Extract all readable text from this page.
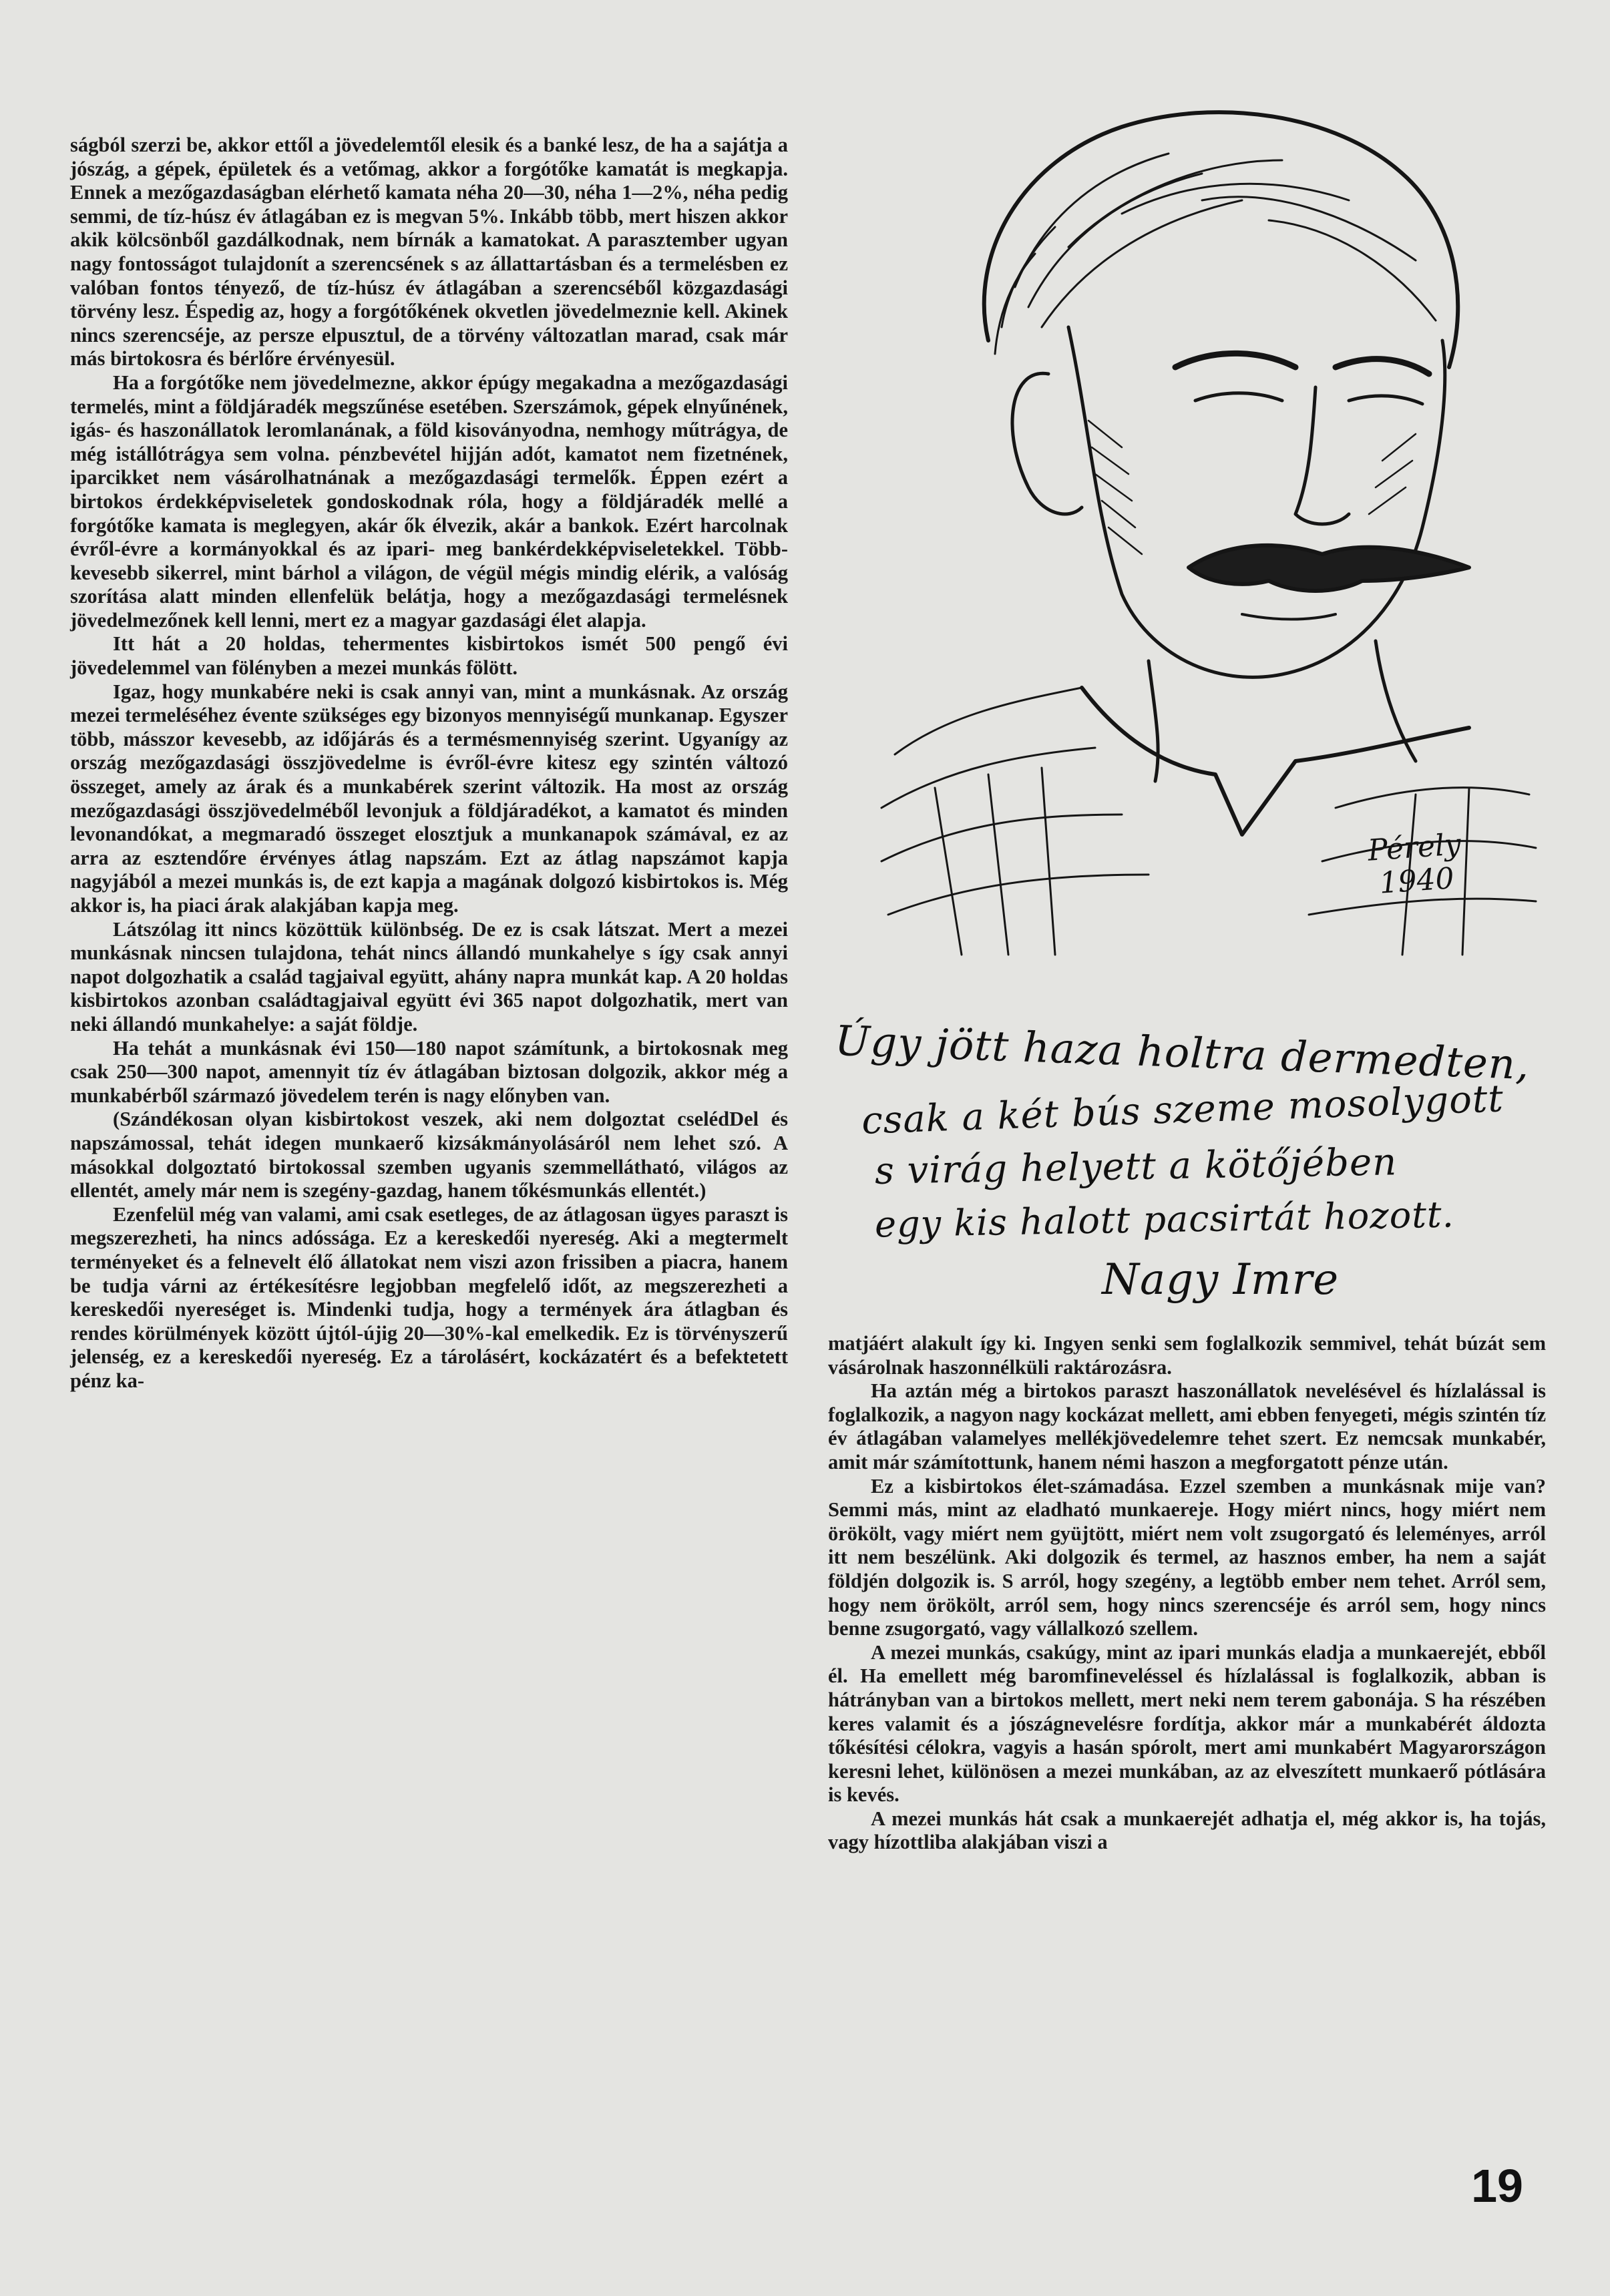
ságból szerzi be, akkor ettől a jövedelemtől elesik és a banké lesz, de ha a sajátja a jószág, a gépek, épületek és a vetőmag, akkor a forgótőke kamatát is megkapja. Ennek a mezőgazdaságban elérhető kamata néha 20—30, néha 1—2%, néha pedig semmi, de tíz-húsz év átlagában ez is megvan 5%. Inkább több, mert hiszen akkor akik kölcsönből gazdálkodnak, nem bírnák a kamatokat. A parasztember ugyan nagy fontosságot tulajdonít a szerencsének s az állattartásban és a termelésben ez valóban fontos tényező, de tíz-húsz év átlagában a szerencséből közgazdasági törvény lesz. Éspedig az, hogy a forgótőkének okvetlen jövedelmeznie kell. Akinek nincs szerencséje, az persze elpusztul, de a törvény változatlan marad, csak már más birtokosra és bérlőre érvényesül.

Ha a forgótőke nem jövedelmezne, akkor épúgy megakadna a mezőgazdasági termelés, mint a földjáradék megszűnése esetében. Szerszámok, gépek elnyűnének, igás- és haszonállatok leromlanának, a föld kisoványodna, nemhogy műtrágya, de még istállótrágya sem volna. pénzbevétel hijján adót, kamatot nem fizetnének, iparcikket nem vásárolhatnának a mezőgazdasági termelők. Éppen ezért a birtokos érdekképviseletek gondoskodnak róla, hogy a földjáradék mellé a forgótőke kamata is meglegyen, akár ők élvezik, akár a bankok. Ezért harcolnak évről-évre a kormányokkal és az ipari- meg bankérdekképviseletekkel. Több-kevesebb sikerrel, mint bárhol a világon, de végül mégis mindig elérik, a valóság szorítása alatt minden ellenfelük belátja, hogy a mezőgazdasági termelésnek jövedelmezőnek kell lenni, mert ez a magyar gazdasági élet alapja.

Itt hát a 20 holdas, tehermentes kisbirtokos ismét 500 pengő évi jövedelemmel van fölényben a mezei munkás fölött.

Igaz, hogy munkabére neki is csak annyi van, mint a munkásnak. Az ország mezei termeléséhez évente szükséges egy bizonyos mennyiségű munkanap. Egyszer több, másszor kevesebb, az időjárás és a termésmennyiség szerint. Ugyanígy az ország mezőgazdasági összjövedelme is évről-évre kitesz egy szintén változó összeget, amely az árak és a munkabérek szerint változik. Ha most az ország mezőgazdasági összjövedelméből levonjuk a földjáradékot, a kamatot és minden levonandókat, a megmaradó összeget elosztjuk a munkanapok számával, ez az arra az esztendőre érvényes átlag napszám. Ezt az átlag napszámot kapja nagyjából a mezei munkás is, de ezt kapja a magának dolgozó kisbirtokos is. Még akkor is, ha piaci árak alakjában kapja meg.

Látszólag itt nincs közöttük különbség. De ez is csak látszat. Mert a mezei munkásnak nincsen tulajdona, tehát nincs állandó munkahelye s így csak annyi napot dolgozhatik a család tagjaival együtt, ahány napra munkát kap. A 20 holdas kisbirtokos azonban családtagjaival együtt évi 365 napot dolgozhatik, mert van neki állandó munkahelye: a saját földje.

Ha tehát a munkásnak évi 150—180 napot számítunk, a birtokosnak meg csak 250—300 napot, amennyit tíz év átlagában biztosan dolgozik, akkor még a munkabérből származó jövedelem terén is nagy előnyben van.

(Szándékosan olyan kisbirtokost veszek, aki nem dolgoztat cselédDel és napszámossal, tehát idegen munkaerő kizsákmányolásáról nem lehet szó. A másokkal dolgoztató birtokossal szemben ugyanis szemmellátható, világos az ellentét, amely már nem is szegény-gazdag, hanem tőkésmunkás ellentét.)

Ezenfelül még van valami, ami csak esetleges, de az átlagosan ügyes paraszt is megszerezheti, ha nincs adóssága. Ez a kereskedői nyereség. Aki a megtermelt terményeket és a felnevelt élő állatokat nem viszi azon frissiben a piacra, hanem be tudja várni az értékesítésre legjobban megfelelő időt, az megszerezheti a kereskedői nyereséget is. Mindenki tudja, hogy a termények ára átlagban és rendes körülmények között újtól-újig 20—30%-kal emelkedik. Ez is törvényszerű jelenség, ez a kereskedői nyereség. Ez a tárolásért, kockázatért és a befektetett pénz ka-

Pérely
1940
Úgy jött haza holtra dermedten,
csak a két bús szeme mosolygott
s virág helyett a kötőjében
egy kis halott pacsirtát hozott.
Nagy Imre

matjáért alakult így ki. Ingyen senki sem foglalkozik semmivel, tehát búzát sem vásárolnak haszonnélküli raktározásra.

Ha aztán még a birtokos paraszt haszonállatok nevelésével és hízlalással is foglalkozik, a nagyon nagy kockázat mellett, ami ebben fenyegeti, mégis szintén tíz év átlagában valamelyes mellékjövedelemre tehet szert. Ez nemcsak munkabér, amit már számítottunk, hanem némi haszon a megforgatott pénze után.

Ez a kisbirtokos élet-számadása. Ezzel szemben a munkásnak mije van? Semmi más, mint az eladható munkaereje. Hogy miért nincs, hogy miért nem örökölt, vagy miért nem gyüjtött, miért nem volt zsugorgató és leleményes, arról itt nem beszélünk. Aki dolgozik és termel, az hasznos ember, ha nem a saját földjén dolgozik is. S arról, hogy szegény, a legtöbb ember nem tehet. Arról sem, hogy nem örökölt, arról sem, hogy nincs szerencséje és arról sem, hogy nincs benne zsugorgató, vagy vállalkozó szellem.

A mezei munkás, csakúgy, mint az ipari munkás eladja a munkaerejét, ebből él. Ha emellett még baromfineveléssel és hízlalással is foglalkozik, abban is hátrányban van a birtokos mellett, mert neki nem terem gabonája. S ha részében keres valamit és a jószágnevelésre fordítja, akkor már a munkabérét áldozta tőkésítési célokra, vagyis a hasán spórolt, mert ami munkabért Magyarországon keresni lehet, különösen a mezei munkában, az az elveszített munkaerő pótlására is kevés.

A mezei munkás hát csak a munkaerejét adhatja el, még akkor is, ha tojás, vagy hízottliba alakjában viszi a

19
